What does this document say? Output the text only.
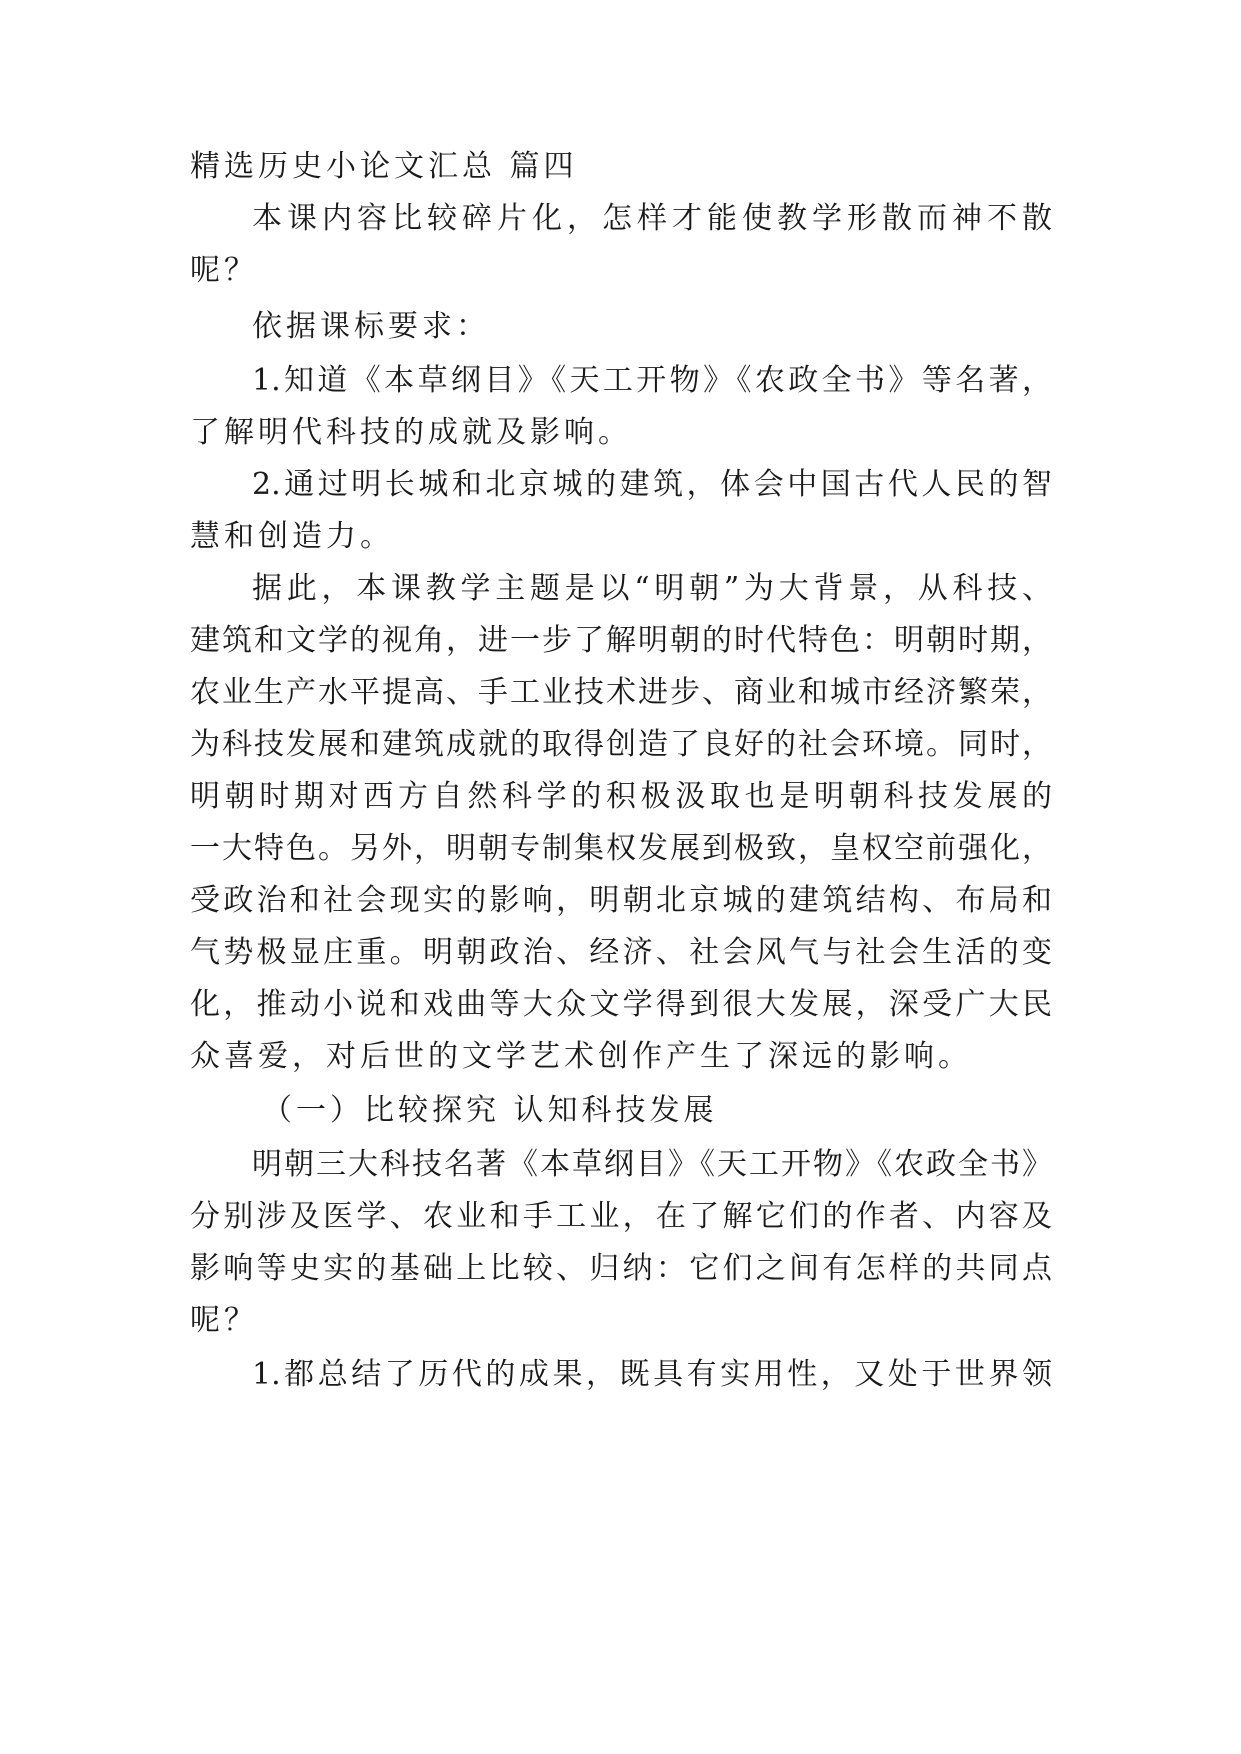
精选历史小论文汇总 篇四
本课内容比较碎片化，怎样才能使教学形散而神不散
呢？
依据课标要求：
1.知道《本草纲目》《天工开物》《农政全书》等名著，
了解明代科技的成就及影响。
2.通过明长城和北京城的建筑，体会中国古代人民的智
慧和创造力。
据此，本课教学主题是以“明朝”为大背景，从科技、
建筑和文学的视角，进一步了解明朝的时代特色：明朝时期，
农业生产水平提高、手工业技术进步、商业和城市经济繁荣，
为科技发展和建筑成就的取得创造了良好的社会环境。同时，
明朝时期对西方自然科学的积极汲取也是明朝科技发展的
一大特色。另外，明朝专制集权发展到极致，皇权空前强化，
受政治和社会现实的影响，明朝北京城的建筑结构、布局和
气势极显庄重。明朝政治、经济、社会风气与社会生活的变
化，推动小说和戏曲等大众文学得到很大发展，深受广大民
众喜爱，对后世的文学艺术创作产生了深远的影响。
（一）比较探究 认知科技发展
明朝三大科技名著《本草纲目》《天工开物》《农政全书》
分别涉及医学、农业和手工业，在了解它们的作者、内容及
影响等史实的基础上比较、归纳：它们之间有怎样的共同点
呢？
1.都总结了历代的成果，既具有实用性，又处于世界领
